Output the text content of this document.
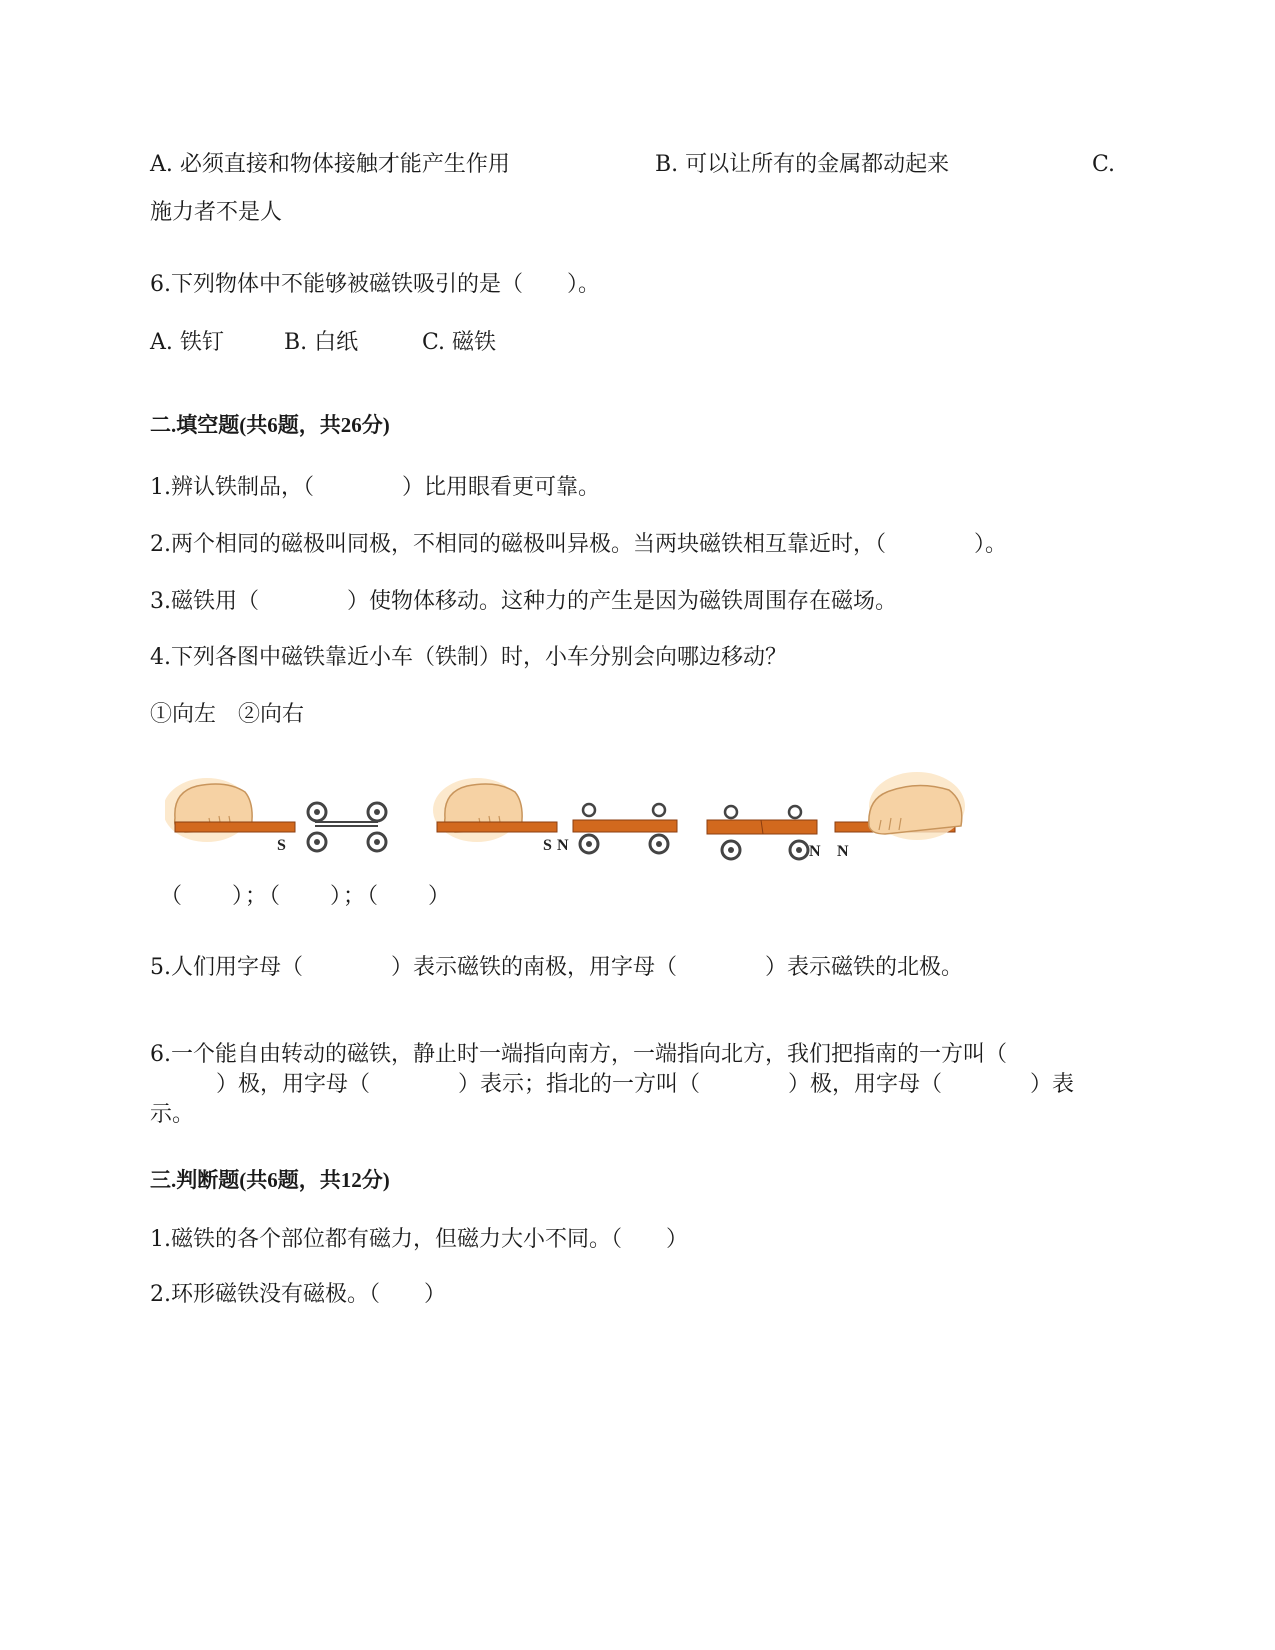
A. 必须直接和物体接触才能产生作用	B. 可以让所有的金属都动起来	C.
施力者不是人
6.下列物体中不能够被磁铁吸引的是（　　）。
A. 铁钉	B. 白纸	C. 磁铁
二.填空题(共6题，共26分)
1.辨认铁制品，（　　　　）比用眼看更可靠。
2.两个相同的磁极叫同极，不相同的磁极叫异极。当两块磁铁相互靠近时，（　　　　）。
3.磁铁用（　　　　）使物体移动。这种力的产生是因为磁铁周围存在磁场。
4.下列各图中磁铁靠近小车（铁制）时，小车分别会向哪边移动？
①向左　②向右
S	S N	N N
（　　）；（　　）；（　　）
5.人们用字母（　　　　）表示磁铁的南极，用字母（　　　　）表示磁铁的北极。
6.一个能自由转动的磁铁，静止时一端指向南方，一端指向北方，我们把指南的一方叫（
　　　）极，用字母（　　　　）表示；指北的一方叫（　　　　）极，用字母（　　　　）表
示。
三.判断题(共6题，共12分)
1.磁铁的各个部位都有磁力，但磁力大小不同。（　　）
2.环形磁铁没有磁极。（　　）
